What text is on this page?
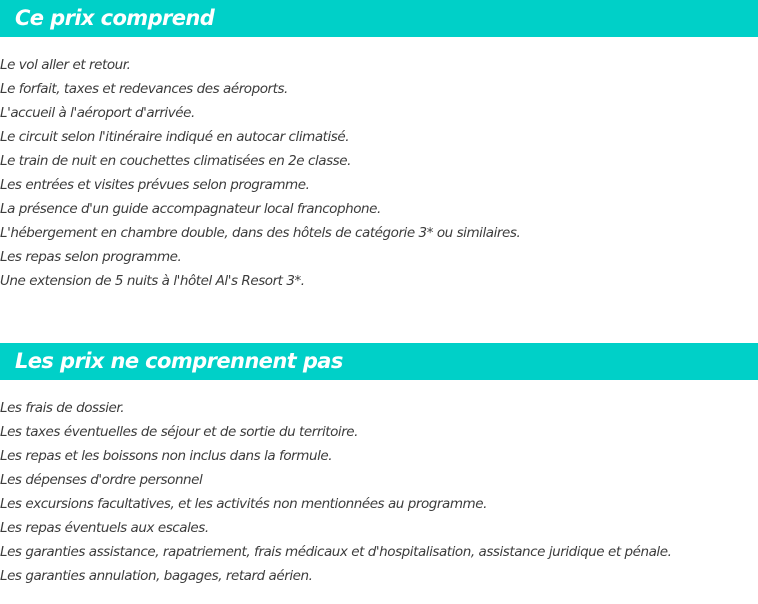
Ce prix comprend
Le vol aller et retour.
Le forfait, taxes et redevances des aéroports.
L'accueil à l'aéroport d'arrivée.
Le circuit selon l'itinéraire indiqué en autocar climatisé.
Le train de nuit en couchettes climatisées en 2e classe.
Les entrées et visites prévues selon programme.
La présence d'un guide accompagnateur local francophone.
L'hébergement en chambre double, dans des hôtels de catégorie 3* ou similaires.
Les repas selon programme.
Une extension de 5 nuits à l'hôtel Al's Resort 3*.
Les prix ne comprennent pas
Les frais de dossier.
Les taxes éventuelles de séjour et de sortie du territoire.
Les repas et les boissons non inclus dans la formule.
Les dépenses d'ordre personnel
Les excursions facultatives, et les activités non mentionnées au programme.
Les repas éventuels aux escales.
Les garanties assistance, rapatriement, frais médicaux et d'hospitalisation, assistance juridique et pénale.
Les garanties annulation, bagages, retard aérien.
